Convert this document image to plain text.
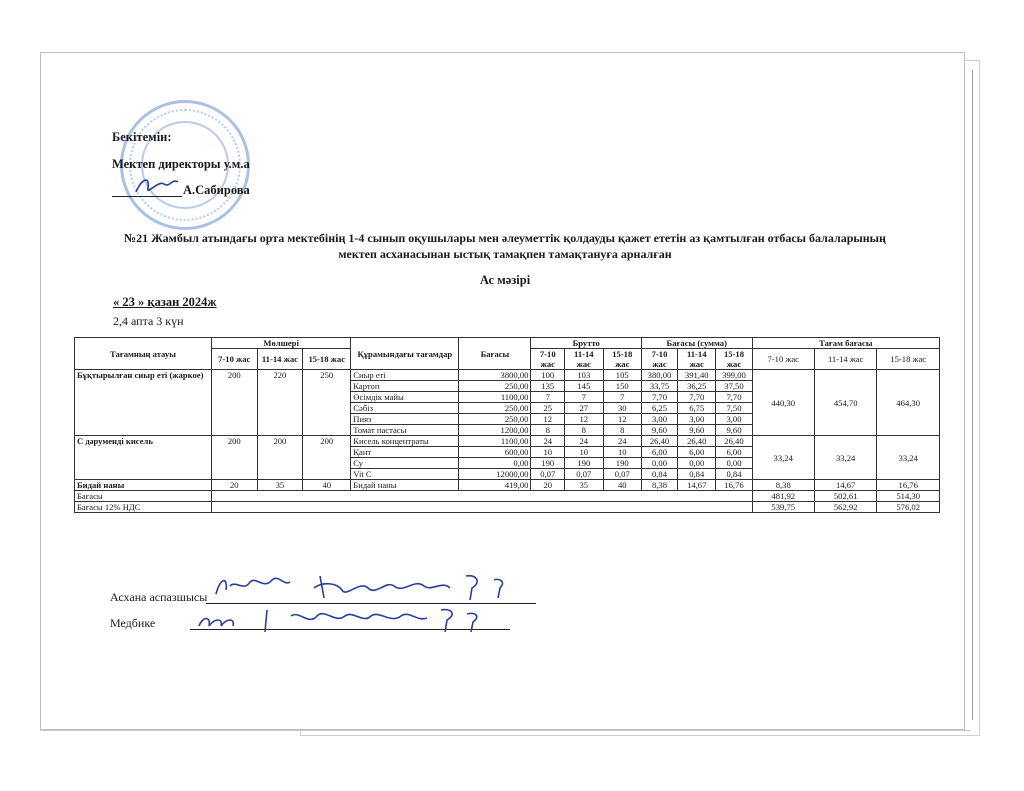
Бекітемін:
Мектеп директоры у.м.а
А.Сабирова
№21 Жамбыл атындағы орта мектебінің 1-4 сынып оқушылары мен әлеуметтік қолдауды қажет ететін аз қамтылған отбасы балаларының
мектеп асханасынан ыстық тамақпен тамақтануға арналған
Ас мәзірі
« 23 » қазан 2024ж
2,4 апта 3 күн
Тағамның атауы	Мөлшері			Құрамындағы тағамдар	Бағасы	Брутто			Бағасы (сумма)			Тағам бағасы		
	7-10 жас	11-14 жас	15-18 жас			7-10 жас	11-14 жас	15-18 жас	7-10 жас	11-14 жас	15-18 жас	7-10 жас	11-14 жас	15-18 жас
Бұқтырылған сиыр еті (жаркое)	200	220	250	Сиыр еті	3800,00	100	103	105	380,00	391,40	399,00	440,30	454,70	464,30
				Картоп	250,00	135	145	150	33,75	36,25	37,50			
				Өсімдік майы	1100,00	7	7	7	7,70	7,70	7,70			
				Сәбіз	250,00	25	27	30	6,25	6,75	7,50			
				Пияз	250,00	12	12	12	3,00	3,00	3,00			
				Томат пастасы	1200,00	8	8	8	9,60	9,60	9,60			
С дәруменді кисель	200	200	200	Кисель концентраты	1100,00	24	24	24	26,40	26,40	26,40	33,24	33,24	33,24
				Қант	600,00	10	10	10	6,00	6,00	6,00			
				Су	0,00	190	190	190	0,00	0,00	0,00			
				Vit C	12000,00	0,07	0,07	0,07	0,84	0,84	0,84			
Бидай наны	20	35	40	Бидай наны	419,00	20	35	40	8,38	14,67	16,76	8,38	14,67	16,76
Бағасы												481,92	502,61	514,30
Бағасы 12% НДС												539,75	562,92	576,02
Асхана аспазшысы
Медбике
